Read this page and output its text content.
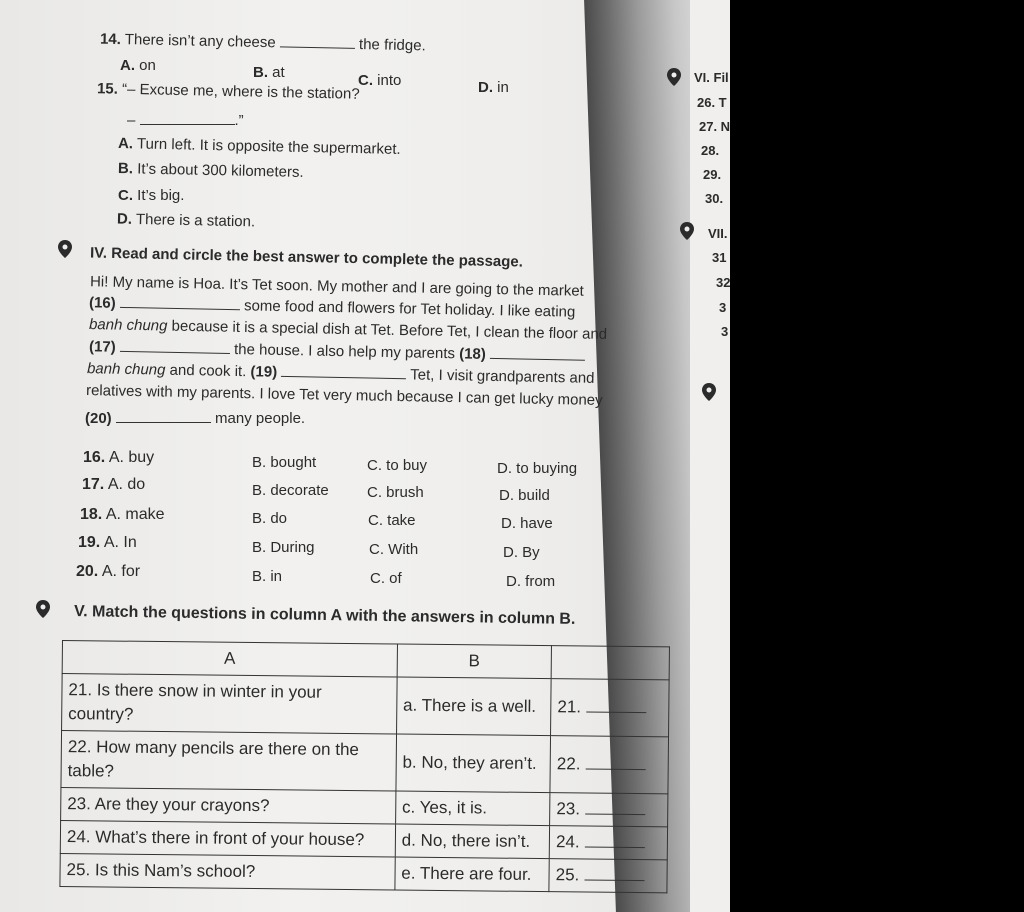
14. There isn’t any cheese	the fridge.
A. on	B. at	C. into	D. in
15. “– Excuse me, where is the station?
–	.”
A. Turn left. It is opposite the supermarket.
B. It’s about 300 kilometers.
C. It’s big.
D. There is a station.
IV. Read and circle the best answer to complete the passage.
Hi! My name is Hoa. It’s Tet soon. My mother and I are going to the market
(16)	some food and flowers for Tet holiday. I like eating
banh chung because it is a special dish at Tet. Before Tet, I clean the floor and
(17)	the house. I also help my parents (18)
banh chung and cook it. (19)	Tet, I visit grandparents and
relatives with my parents. I love Tet very much because I can get lucky money
(20)	many people.
16. A. buy	B. bought	C. to buy	D. to buying
17. A. do	B. decorate	C. brush	D. build
18. A. make	B. do	C. take	D. have
19. A. In	B. During	C. With	D. By
20. A. for	B. in	C. of	D. from
V. Match the questions in column A with the answers in column B.
A	B	
21. Is there snow in winter in your country?	a. There is a well.	21.
22. How many pencils are there on the table?	b. No, they aren’t.	22.
23. Are they your crayons?	c. Yes, it is.	23.
24. What’s there in front of your house?	d. No, there isn’t.	24.
25. Is this Nam’s school?	e. There are four.	25.
VI. Fil
26. T
27. N
28.
29.
30.
VII.
31
32
3
3
